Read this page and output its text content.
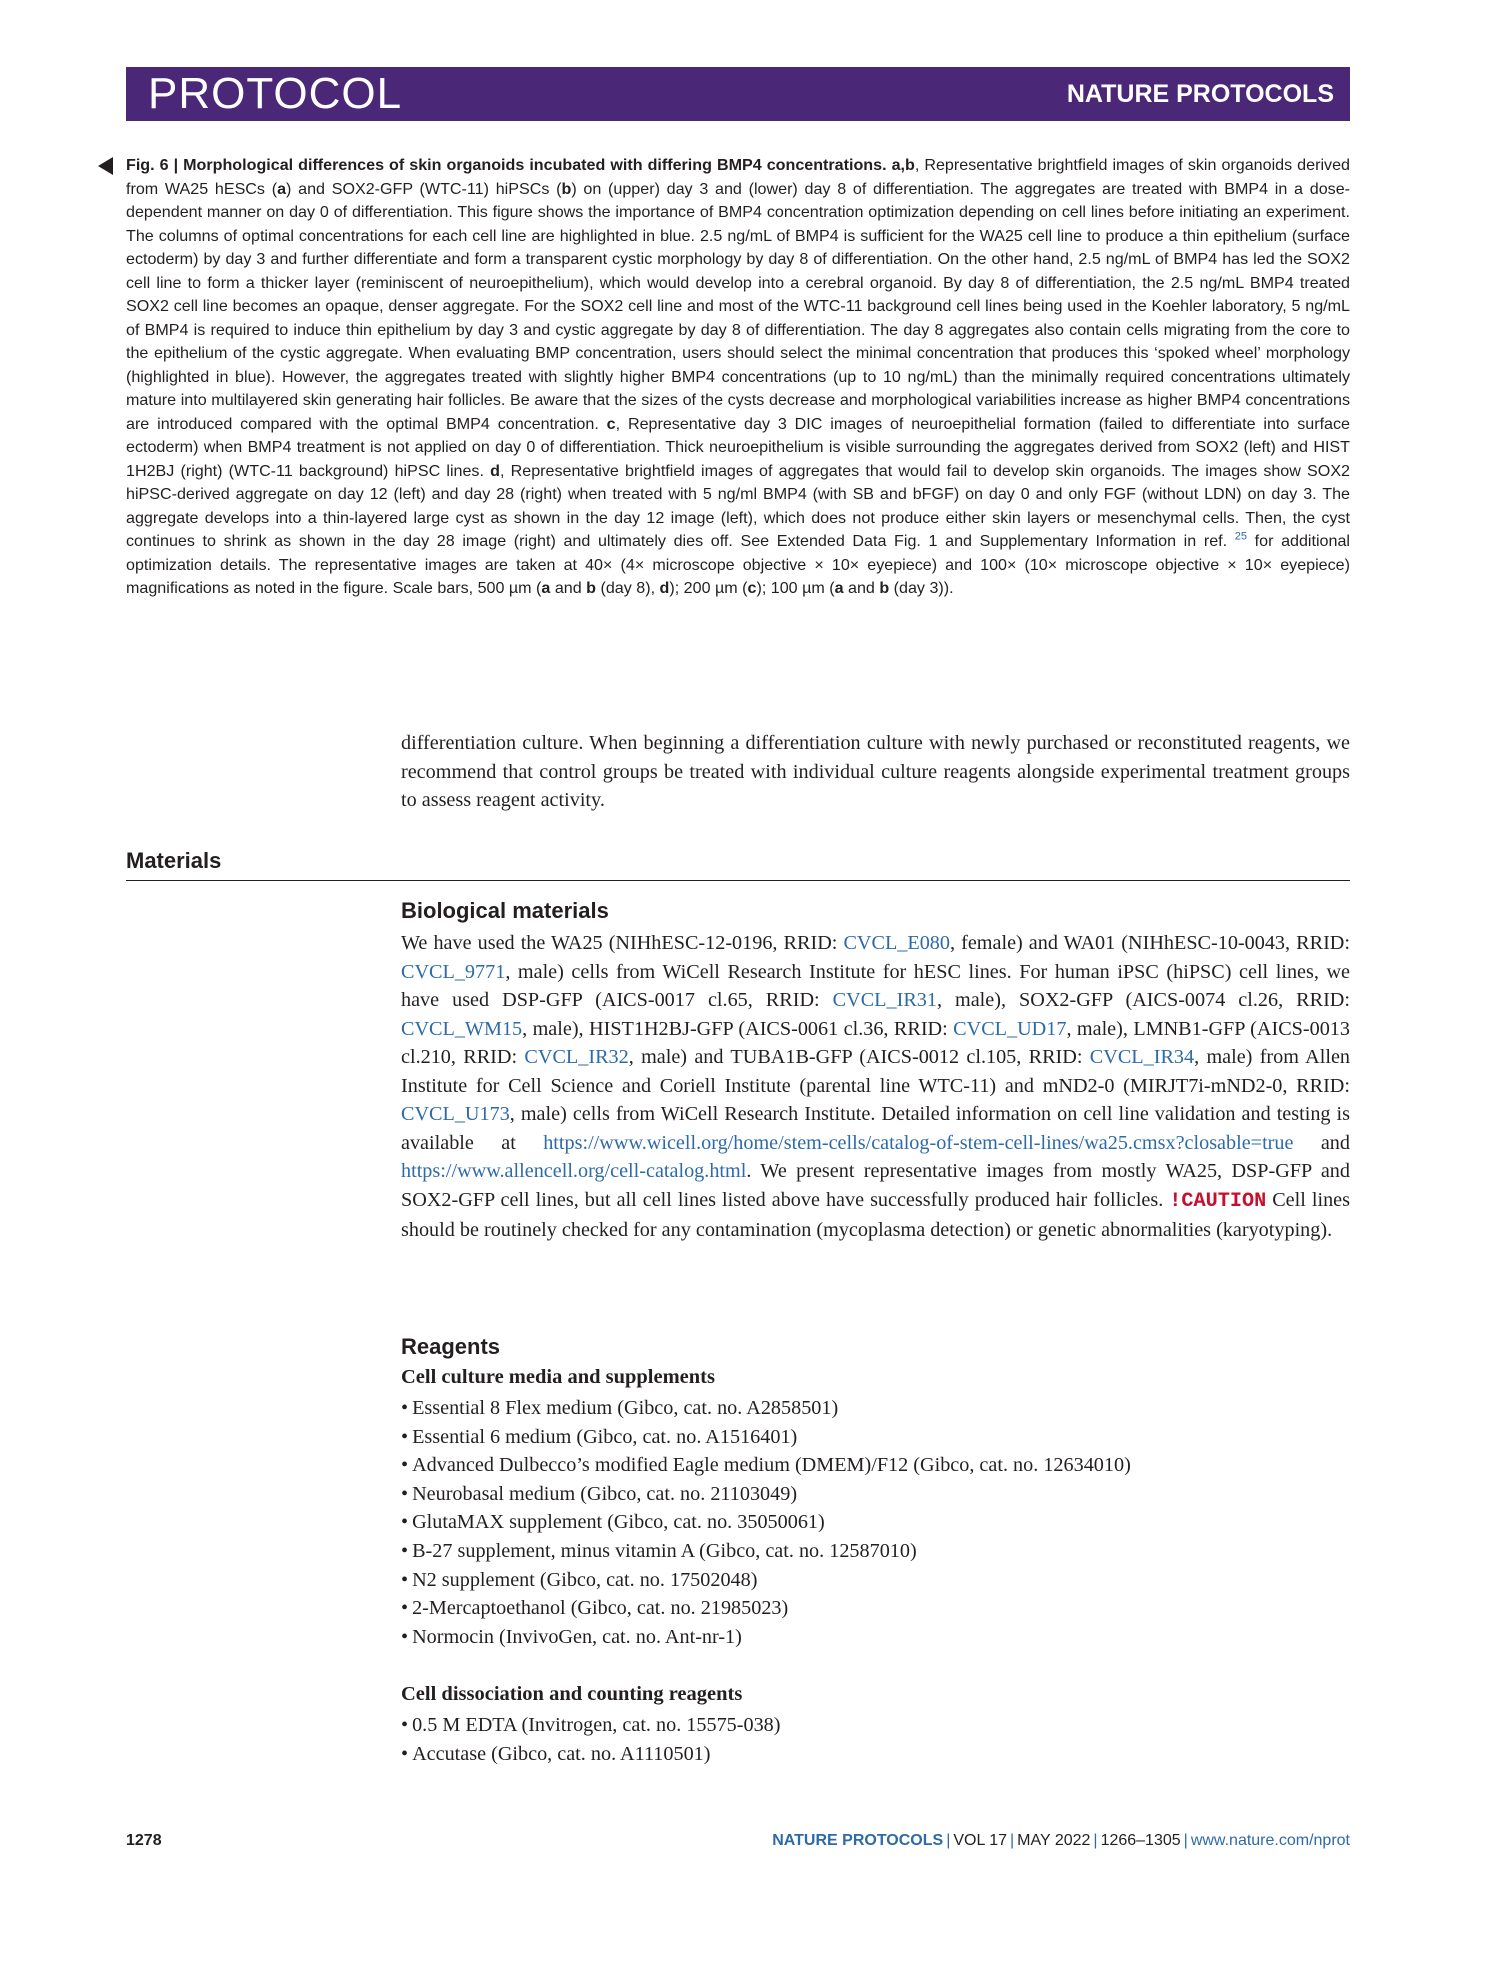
PROTOCOL	NATURE PROTOCOLS
Fig. 6 | Morphological differences of skin organoids incubated with differing BMP4 concentrations. a,b, Representative brightfield images of skin organoids derived from WA25 hESCs (a) and SOX2-GFP (WTC-11) hiPSCs (b) on (upper) day 3 and (lower) day 8 of differentiation. The aggregates are treated with BMP4 in a dose-dependent manner on day 0 of differentiation. This figure shows the importance of BMP4 concentration optimization depending on cell lines before initiating an experiment. The columns of optimal concentrations for each cell line are highlighted in blue. 2.5 ng/mL of BMP4 is sufficient for the WA25 cell line to produce a thin epithelium (surface ectoderm) by day 3 and further differentiate and form a transparent cystic morphology by day 8 of differentiation. On the other hand, 2.5 ng/mL of BMP4 has led the SOX2 cell line to form a thicker layer (reminiscent of neuroepithelium), which would develop into a cerebral organoid. By day 8 of differentiation, the 2.5 ng/mL BMP4 treated SOX2 cell line becomes an opaque, denser aggregate. For the SOX2 cell line and most of the WTC-11 background cell lines being used in the Koehler laboratory, 5 ng/mL of BMP4 is required to induce thin epithelium by day 3 and cystic aggregate by day 8 of differentiation. The day 8 aggregates also contain cells migrating from the core to the epithelium of the cystic aggregate. When evaluating BMP concentration, users should select the minimal concentration that produces this ‘spoked wheel’ morphology (highlighted in blue). However, the aggregates treated with slightly higher BMP4 concentrations (up to 10 ng/mL) than the minimally required concentrations ultimately mature into multilayered skin generating hair follicles. Be aware that the sizes of the cysts decrease and morphological variabilities increase as higher BMP4 concentrations are introduced compared with the optimal BMP4 concentration. c, Representative day 3 DIC images of neuroepithelial formation (failed to differentiate into surface ectoderm) when BMP4 treatment is not applied on day 0 of differentiation. Thick neuroepithelium is visible surrounding the aggregates derived from SOX2 (left) and HIST 1H2BJ (right) (WTC-11 background) hiPSC lines. d, Representative brightfield images of aggregates that would fail to develop skin organoids. The images show SOX2 hiPSC-derived aggregate on day 12 (left) and day 28 (right) when treated with 5 ng/ml BMP4 (with SB and bFGF) on day 0 and only FGF (without LDN) on day 3. The aggregate develops into a thin-layered large cyst as shown in the day 12 image (left), which does not produce either skin layers or mesenchymal cells. Then, the cyst continues to shrink as shown in the day 28 image (right) and ultimately dies off. See Extended Data Fig. 1 and Supplementary Information in ref. $^{25}$ for additional optimization details. The representative images are taken at 40× (4× microscope objective × 10× eyepiece) and 100× (10× microscope objective × 10× eyepiece) magnifications as noted in the figure. Scale bars, 500 µm (a and b (day 8), d); 200 µm (c); 100 µm (a and b (day 3)).
differentiation culture. When beginning a differentiation culture with newly purchased or reconstituted reagents, we recommend that control groups be treated with individual culture reagents alongside experimental treatment groups to assess reagent activity.
Materials
Biological materials
We have used the WA25 (NIHhESC-12-0196, RRID: CVCL_E080, female) and WA01 (NIHhESC-10-0043, RRID: CVCL_9771, male) cells from WiCell Research Institute for hESC lines. For human iPSC (hiPSC) cell lines, we have used DSP-GFP (AICS-0017 cl.65, RRID: CVCL_IR31, male), SOX2-GFP (AICS-0074 cl.26, RRID: CVCL_WM15, male), HIST1H2BJ-GFP (AICS-0061 cl.36, RRID: CVCL_UD17, male), LMNB1-GFP (AICS-0013 cl.210, RRID: CVCL_IR32, male) and TUBA1B-GFP (AICS-0012 cl.105, RRID: CVCL_IR34, male) from Allen Institute for Cell Science and Coriell Institute (parental line WTC-11) and mND2-0 (MIRJT7i-mND2-0, RRID: CVCL_U173, male) cells from WiCell Research Institute. Detailed information on cell line validation and testing is available at https://www.wicell.org/home/stem-cells/catalog-of-stem-cell-lines/wa25.cmsx?closable=true and https://www.allencell.org/cell-catalog.html. We present representative images from mostly WA25, DSP-GFP and SOX2-GFP cell lines, but all cell lines listed above have successfully produced hair follicles. !CAUTION Cell lines should be routinely checked for any contamination (mycoplasma detection) or genetic abnormalities (karyotyping).
Reagents
Cell culture media and supplements
• Essential 8 Flex medium (Gibco, cat. no. A2858501)
• Essential 6 medium (Gibco, cat. no. A1516401)
• Advanced Dulbecco’s modified Eagle medium (DMEM)/F12 (Gibco, cat. no. 12634010)
• Neurobasal medium (Gibco, cat. no. 21103049)
• GlutaMAX supplement (Gibco, cat. no. 35050061)
• B-27 supplement, minus vitamin A (Gibco, cat. no. 12587010)
• N2 supplement (Gibco, cat. no. 17502048)
• 2-Mercaptoethanol (Gibco, cat. no. 21985023)
• Normocin (InvivoGen, cat. no. Ant-nr-1)
Cell dissociation and counting reagents
• 0.5 M EDTA (Invitrogen, cat. no. 15575-038)
• Accutase (Gibco, cat. no. A1110501)
1278	NATURE PROTOCOLS | VOL 17 | MAY 2022 | 1266–1305 | www.nature.com/nprot
